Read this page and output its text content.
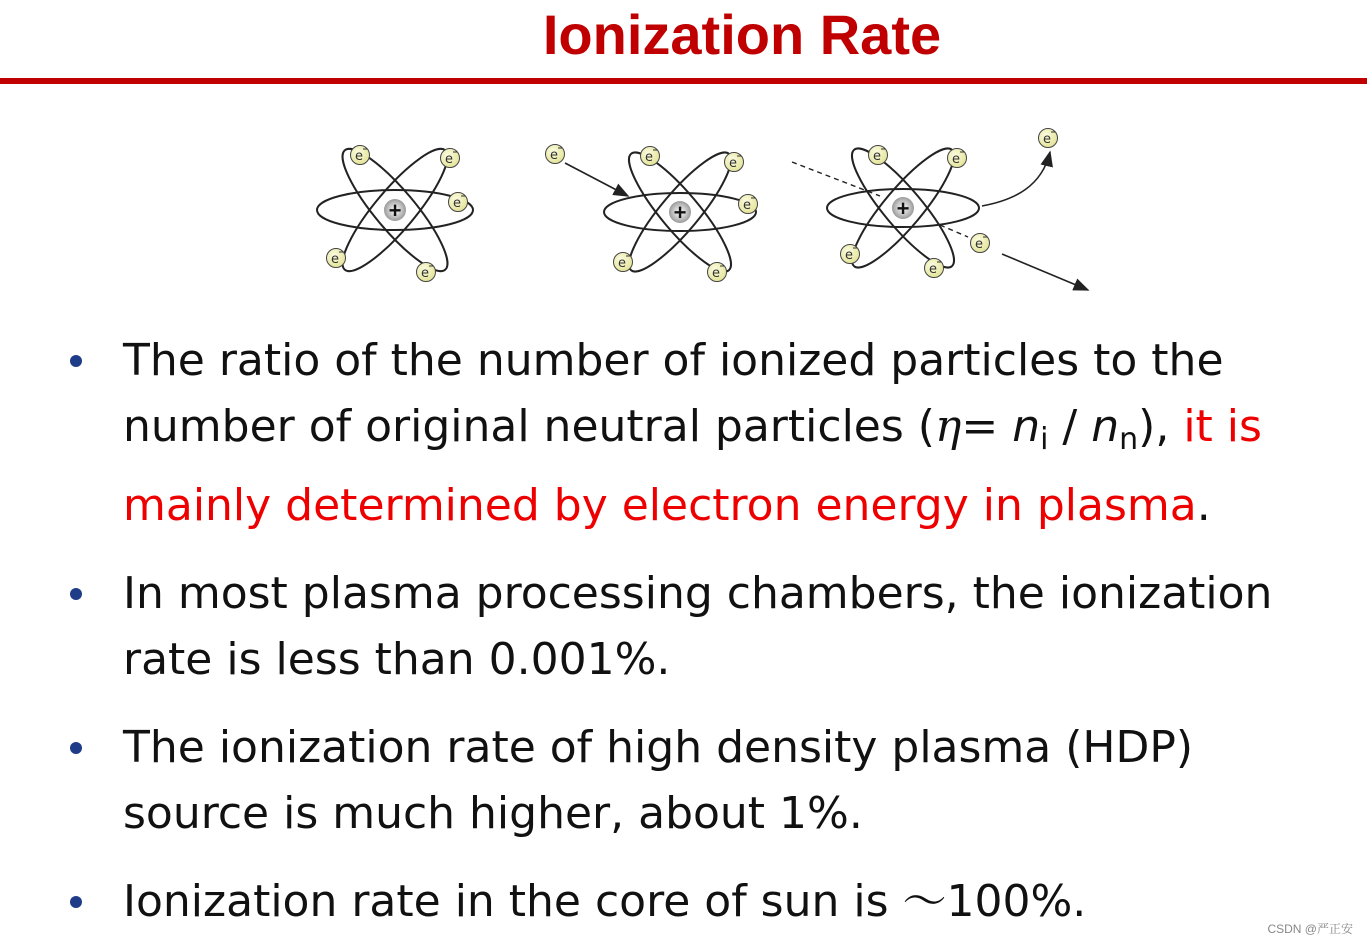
Ionization Rate
+	+	+
e	e
e
e
e
e	e	e
e
e
e
e	e
e
e
e
e
The ratio of the number of ionized particles to the number of original neutral particles $(\eta= n_i / n_n)$, it is mainly determined by electron energy in plasma.
In most plasma processing chambers, the ionization rate is less than 0.001%.
The ionization rate of high density plasma (HDP) source is much higher, about 1%.
Ionization rate in the core of sun is ～100%.
CSDN @严正安
